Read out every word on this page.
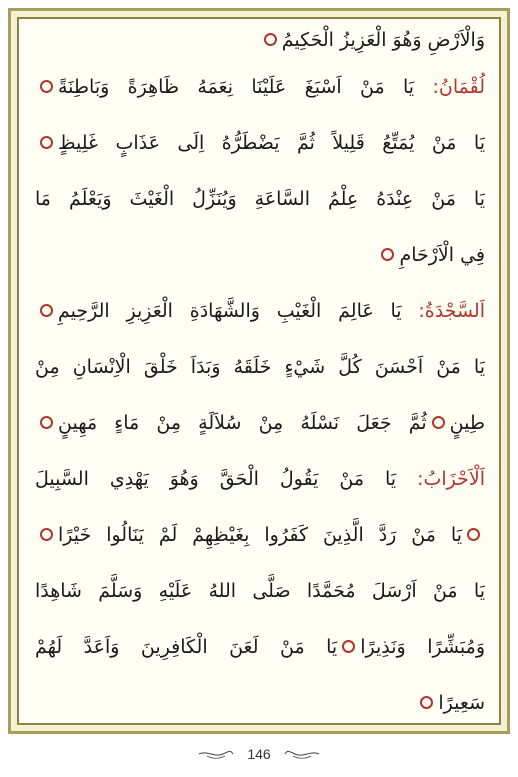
وَالْاَرْضِ وَهُوَ الْعَزِيزُ الْحَكِيمُ
لُقْمَانُ: يَا مَنْ اَسْبَغَ عَلَيْنَا نِعَمَهُ ظَاهِرَةً وَبَاطِنَةً
يَا مَنْ يُمَتِّعُ قَلِيلاً ثُمَّ يَضْطَرُّهُ اِلَى عَذَابٍ غَلِيظٍ
يَا مَنْ عِنْدَهُ عِلْمُ السَّاعَةِ وَيُنَزِّلُ الْغَيْثَ وَيَعْلَمُ مَا
فِي الْاَرْحَامِ
اَلسَّجْدَةُ: يَا عَالِمَ الْغَيْبِ وَالشَّهَادَةِ الْعَزِيزِ الرَّحِيمِ
يَا مَنْ اَحْسَنَ كُلَّ شَيْءٍ خَلَقَهُ وَبَدَاَ خَلْقَ الْاِنْسَانِ مِنْ
طِينٍثُمَّ جَعَلَ نَسْلَهُ مِنْ سُلاَلَةٍ مِنْ مَاءٍ مَهِينٍ
اَلْاَحْزَابُ: يَا مَنْ يَقُولُ الْحَقَّ وَهُوَ يَهْدِي السَّبِيلَ
يَا مَنْ رَدَّ الَّذِينَ كَفَرُوا بِغَيْظِهِمْ لَمْ يَنَالُوا خَيْرًا
يَا مَنْ اَرْسَلَ مُحَمَّدًا صَلَّى اللهُ عَلَيْهِ وَسَلَّمَ شَاهِدًا
وَمُبَشِّرًا وَنَذِيرًايَا مَنْ لَعَنَ الْكَافِرِينَ وَاَعَدَّ لَهُمْ
سَعِيرًا
146
